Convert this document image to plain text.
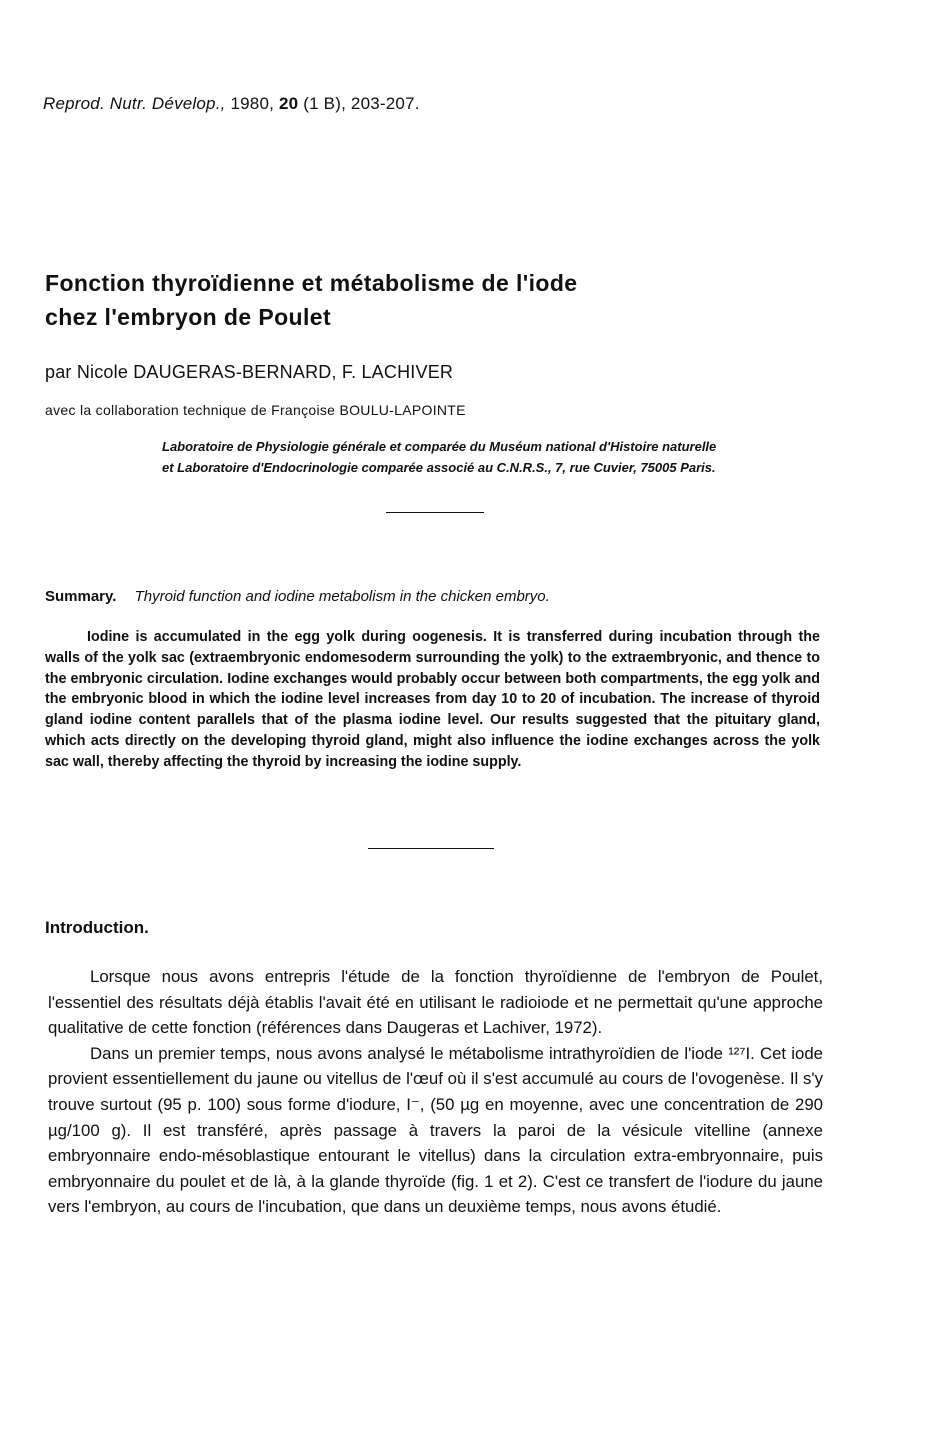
Reprod. Nutr. Dévelop., 1980, 20 (1 B), 203-207.
Fonction thyroïdienne et métabolisme de l'iode
chez l'embryon de Poulet
par Nicole DAUGERAS-BERNARD, F. LACHIVER
avec la collaboration technique de Françoise BOULU-LAPOINTE
Laboratoire de Physiologie générale et comparée du Muséum national d'Histoire naturelle
et Laboratoire d'Endocrinologie comparée associé au C.N.R.S., 7, rue Cuvier, 75005 Paris.
Summary. Thyroid function and iodine metabolism in the chicken embryo.
Iodine is accumulated in the egg yolk during oogenesis. It is transferred during incubation through the walls of the yolk sac (extraembryonic endomesoderm surrounding the yolk) to the extraembryonic, and thence to the embryonic circulation. Iodine exchanges would probably occur between both compartments, the egg yolk and the embryonic blood in which the iodine level increases from day 10 to 20 of incubation. The increase of thyroid gland iodine content parallels that of the plasma iodine level. Our results suggested that the pituitary gland, which acts directly on the developing thyroid gland, might also influence the iodine exchanges across the yolk sac wall, thereby affecting the thyroid by increasing the iodine supply.
Introduction.

Lorsque nous avons entrepris l'étude de la fonction thyroïdienne de l'embryon de Poulet, l'essentiel des résultats déjà établis l'avait été en utilisant le radioiode et ne permettait qu'une approche qualitative de cette fonction (références dans Daugeras et Lachiver, 1972).

Dans un premier temps, nous avons analysé le métabolisme intrathyroïdien de l'iode ¹²⁷I. Cet iode provient essentiellement du jaune ou vitellus de l'œuf où il s'est accumulé au cours de l'ovogenèse. Il s'y trouve surtout (95 p. 100) sous forme d'iodure, I⁻, (50 µg en moyenne, avec une concentration de 290 µg/100 g). Il est transféré, après passage à travers la paroi de la vésicule vitelline (annexe embryonnaire endo-mésoblastique entourant le vitellus) dans la circulation extra-embryonnaire, puis embryonnaire du poulet et de là, à la glande thyroïde (fig. 1 et 2). C'est ce transfert de l'iodure du jaune vers l'embryon, au cours de l'incubation, que dans un deuxième temps, nous avons étudié.
